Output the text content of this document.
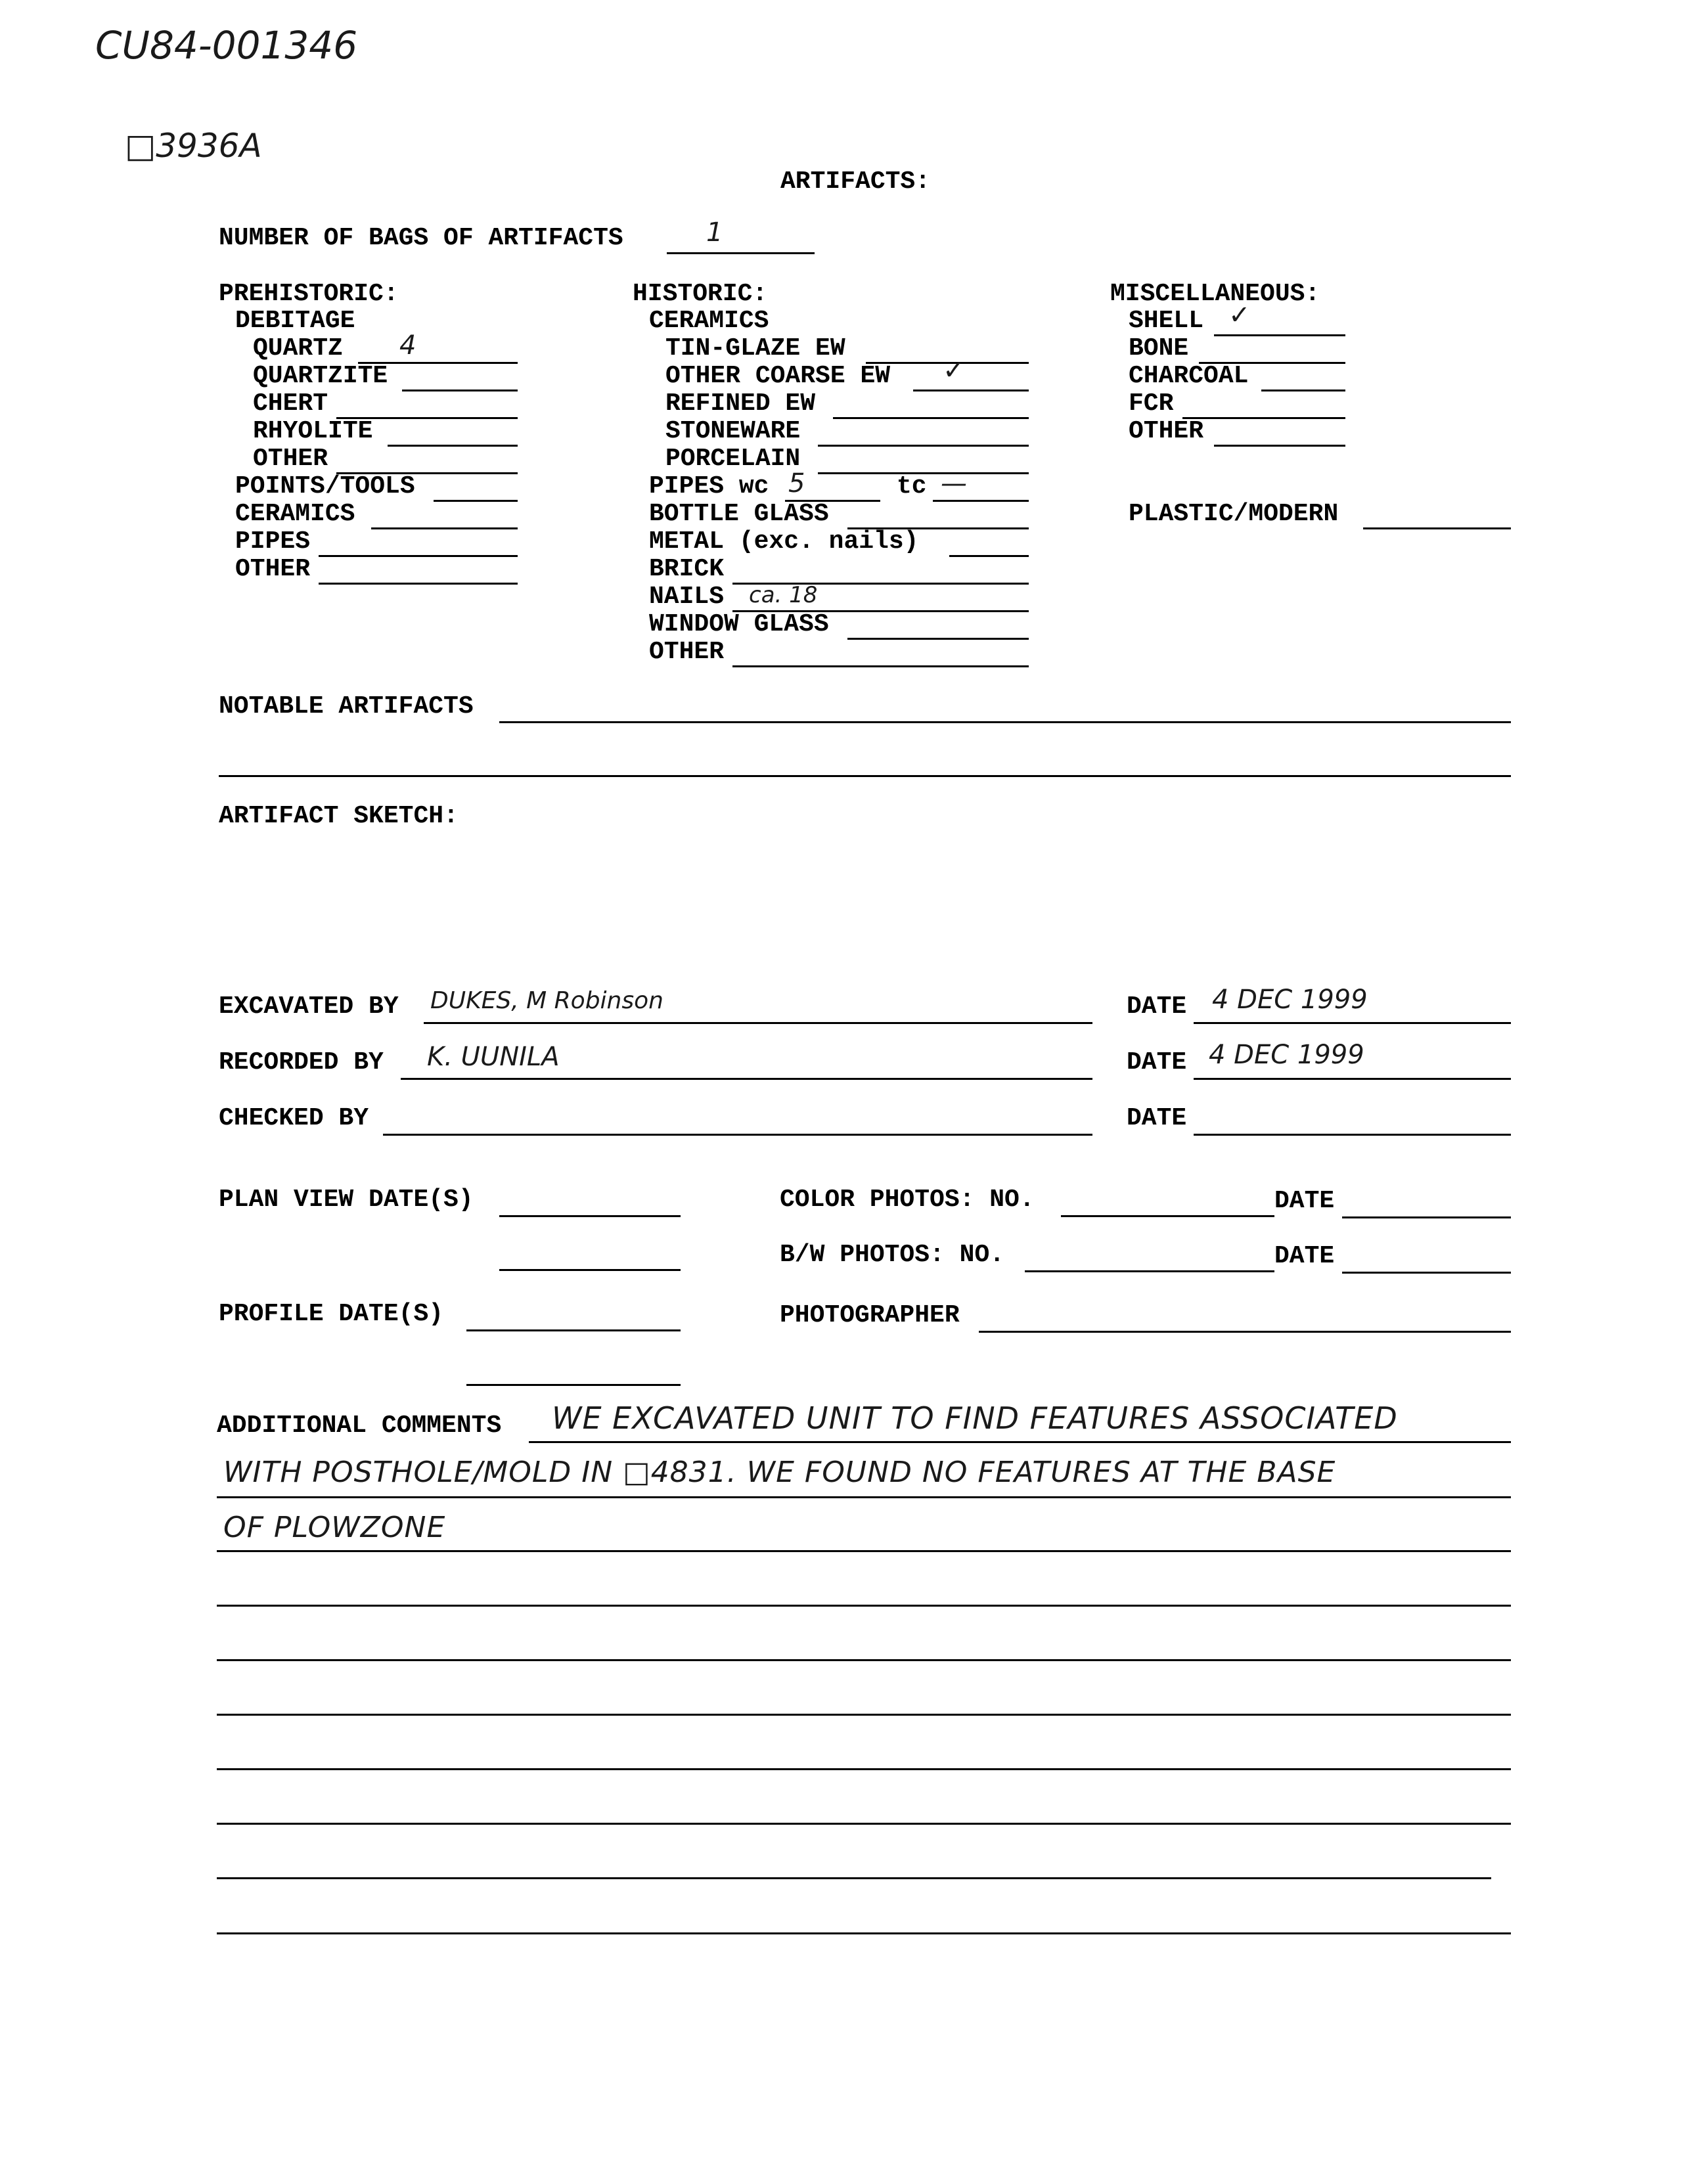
CU84-001346
□3936A
ARTIFACTS:
NUMBER OF BAGS OF ARTIFACTS	1
PREHISTORIC:
DEBITAGE
QUARTZ 4
QUARTZITE
CHERT
RHYOLITE
OTHER
POINTS/TOOLS
CERAMICS
PIPES
OTHER
HISTORIC:
CERAMICS
TIN-GLAZE EW
OTHER COARSE EW ✓
REFINED EW
STONEWARE
PORCELAIN
PIPES wc 5	tc —
BOTTLE GLASS
METAL (exc. nails)
BRICK
NAILS ca. 18
WINDOW GLASS
OTHER
MISCELLANEOUS:
SHELL ✓
BONE
CHARCOAL
FCR
OTHER
PLASTIC/MODERN
NOTABLE ARTIFACTS
ARTIFACT SKETCH:
EXCAVATED BY DUKES, M Robinson	DATE 4 DEC 1999
RECORDED BY K. UUNILA	DATE 4 DEC 1999
CHECKED BY	DATE
PLAN VIEW DATE(S)	COLOR PHOTOS: NO.	DATE
B/W PHOTOS: NO.	DATE
PROFILE DATE(S)	PHOTOGRAPHER
ADDITIONAL COMMENTS WE EXCAVATED UNIT TO FIND FEATURES ASSOCIATED
WITH POSTHOLE/MOLD IN □4831. WE FOUND NO FEATURES AT THE BASE
OF PLOWZONE
